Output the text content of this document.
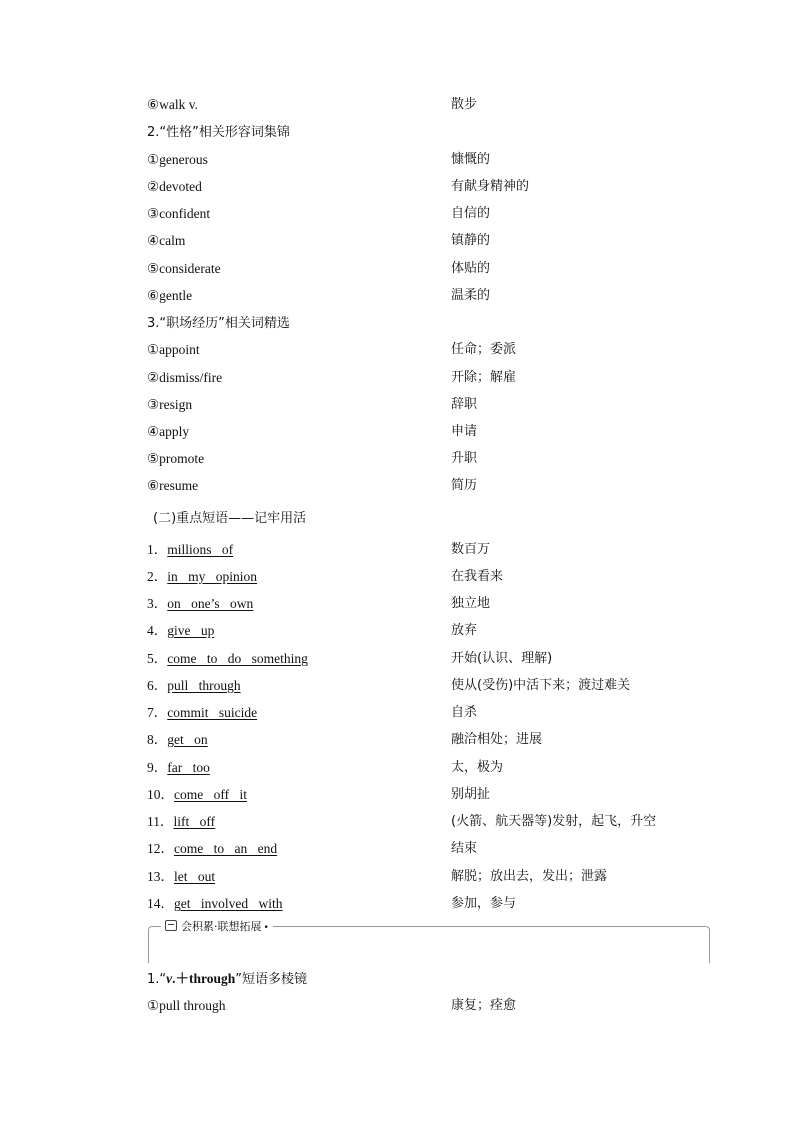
⑥walk v.	散步
2.“性格”相关形容词集锦
①generous	慷慨的
②devoted	有献身精神的
③confident	自信的
④calm	镇静的
⑤considerate	体贴的
⑥gentle	温柔的
3.“职场经历”相关词精选
①appoint	任命；委派
②dismiss/fire	开除；解雇
③resign	辞职
④apply	申请
⑤promote	升职
⑥resume	简历
(二)重点短语——记牢用活
1．millions of	数百万
2．in my opinion	在我看来
3．on one’s own	独立地
4．give up	放弃
5．come to do something	开始(认识、理解)
6．pull through	使从(受伤)中活下来；渡过难关
7．commit suicide	自杀
8．get on	融洽相处；进展
9．far too	太，极为
10．come off it	别胡扯
11．lift off	(火箭、航天器等)发射，起飞，升空
12．come to an end	结束
13．let out	解脱；放出去，发出；泄露
14．get involved with	参加，参与
会积累·联想拓展 •
1.“v.＋through”短语多棱镜
①pull through	康复；痊愈
